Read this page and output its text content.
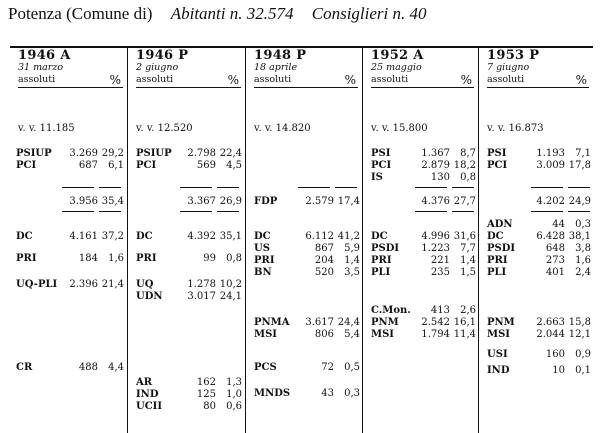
Potenza (Comune di) Abitanti n. 32.574 Consiglieri n. 40
1946 A
31 marzo
assoluti	%
v. v. 11.185
PSIUP 3.269 29,2
PCI	687 6,1
3.956 35,4
DC	4.161 37,2
PRI	184 1,6
UQ-PLI 2.396 21,4
CR	488 4,4
1946 P
2 giugno
assoluti	%
v. v. 12.520
PSIUP 2.798 22,4
PCI	569 4,5
3.367 26,9
DC	4.392 35,1
PRI	99 0,8
UQ	1.278 10,2
UDN 3.017 24,1
AR	162 1,3
IND	125 1,0
UCII	80 0,6
1948 P
18 aprile
assoluti	%
v. v. 14.820
FDP	2.579 17,4
DC	6.112 41,2
US	867 5,9
PRI	204 1,4
BN	520 3,5
PNMA 3.617 24,4
MSI	806 5,4
PCS	72 0,5
MNDS	43 0,3
1952 A
25 maggio
assoluti	%
v. v. 15.800
PSI	1.367 8,7
PCI	2.879 18,2
IS	130 0,8
4.376 27,7
DC	4.996 31,6
PSDI 1.223 7,7
PRI	221 1,4
PLI	235 1,5
C.Mon. 413 2,6
PNM 2.542 16,1
MSI	1.794 11,4
1953 P
7 giugno
assoluti	%
v. v. 16.873
PSI	1.193 7,1
PCI	3.009 17,8
4.202 24,9
ADN	44 0,3
DC	6.428 38,1
PSDI	648 3,8
PRI	273 1,6
PLI	401 2,4
PNM 2.663 15,8
MSI	2.044 12,1
USI	160 0,9
IND	10 0,1
